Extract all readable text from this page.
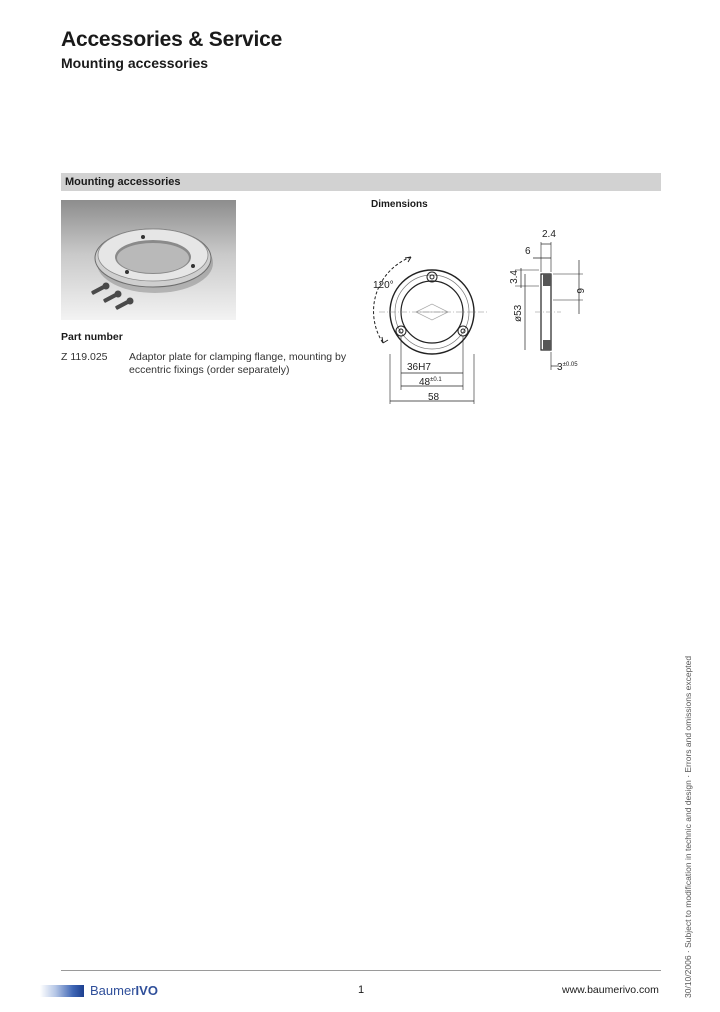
Accessories & Service
Mounting accessories
Mounting accessories
Dimensions
Part number
Z 119.025	Adaptor plate for clamping flange, mounting by eccentric fixings (order separately)
120°
36H7
$48^{\pm 0.1}$
58
2.4
6
3.4
6
ø53
$3^{\pm 0.05}$
30/10/2006 · Subject to modification in technic and design · Errors and omissions excepted
BaumerIVO	1	www.baumerivo.com
